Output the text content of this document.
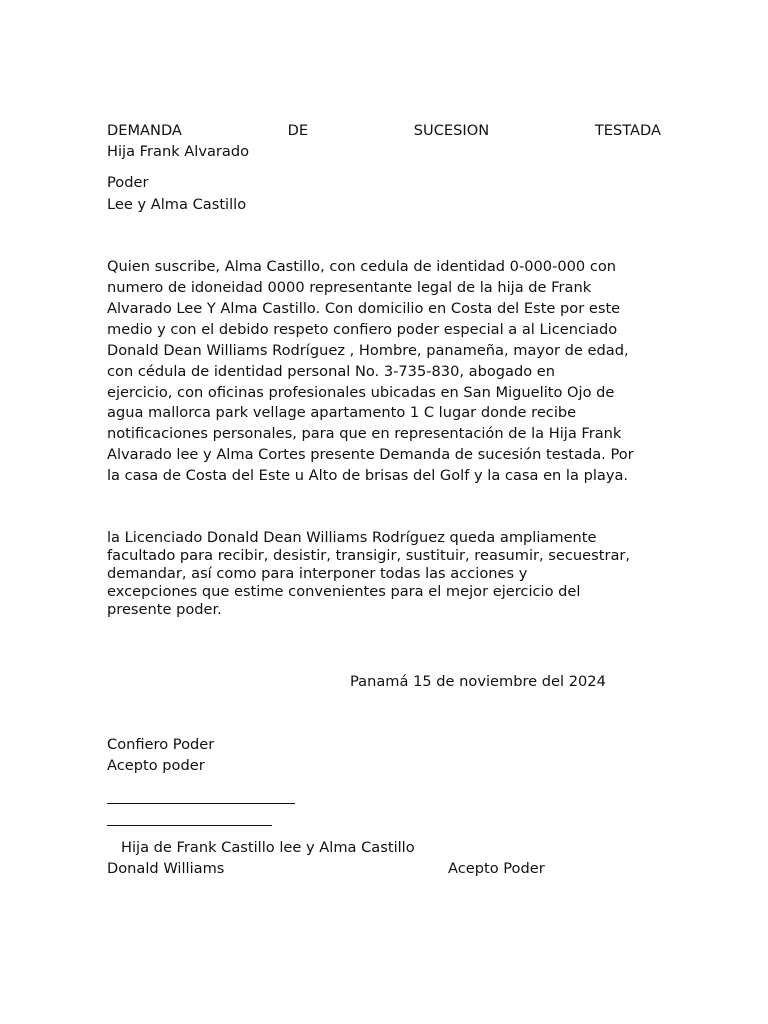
DEMANDA	DE	SUCESION	TESTADA
Hija Frank Alvarado
Poder
Lee y Alma Castillo
Quien suscribe, Alma Castillo, con cedula de identidad 0-000-000 con
numero de idoneidad 0000 representante legal de la hija de Frank
Alvarado Lee Y Alma Castillo. Con domicilio en Costa del Este por este
medio y con el debido respeto confiero poder especial a al Licenciado
Donald Dean Williams Rodríguez , Hombre, panameña, mayor de edad,
con cédula de identidad personal No. 3-735-830, abogado en
ejercicio, con oficinas profesionales ubicadas en San Miguelito Ojo de
agua mallorca park vellage apartamento 1 C lugar donde recibe
notificaciones personales, para que en representación de la Hija Frank
Alvarado lee y Alma Cortes presente Demanda de sucesión testada. Por
la casa de Costa del Este u Alto de brisas del Golf y la casa en la playa.
la Licenciado Donald Dean Williams Rodríguez queda ampliamente
facultado para recibir, desistir, transigir, sustituir, reasumir, secuestrar,
demandar, así como para interponer todas las acciones y
excepciones que estime convenientes para el mejor ejercicio del
presente poder.
Panamá 15 de noviembre del 2024
Confiero Poder
Acepto poder
Hija de Frank Castillo lee y Alma Castillo
Donald Williams	Acepto Poder
